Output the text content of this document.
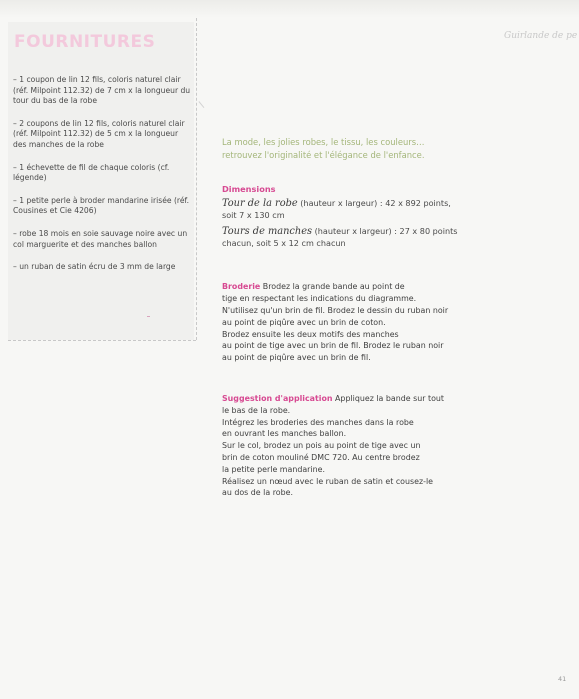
FOURNITURES

– 1 coupon de lin 12 fils, coloris naturel clair (réf. Milpoint 112.32) de 7 cm x la longueur du tour du bas de la robe

– 2 coupons de lin 12 fils, coloris naturel clair (réf. Milpoint 112.32) de 5 cm x la longueur des manches de la robe

– 1 échevette de fil de chaque coloris (cf. légende)

– 1 petite perle à broder mandarine irisée (réf. Cousines et Cie 4206)

– robe 18 mois en soie sauvage noire avec un col marguerite et des manches ballon

– un ruban de satin écru de 3 mm de large

Guirlande de pe

La mode, les jolies robes, le tissu, les couleurs…
retrouvez l'originalité et l'élégance de l'enfance.

Dimensions

Tour de la robe (hauteur x largeur) : 42 x 892 points,
soit 7 x 130 cm

Tours de manches (hauteur x largeur) : 27 x 80 points
chacun, soit 5 x 12 cm chacun

Broderie Brodez la grande bande au point de
tige en respectant les indications du diagramme.
N'utilisez qu'un brin de fil. Brodez le dessin du ruban noir
au point de piqûre avec un brin de coton.
Brodez ensuite les deux motifs des manches
au point de tige avec un brin de fil. Brodez le ruban noir
au point de piqûre avec un brin de fil.

Suggestion d'application Appliquez la bande sur tout
le bas de la robe.
Intégrez les broderies des manches dans la robe
en ouvrant les manches ballon.
Sur le col, brodez un pois au point de tige avec un
brin de coton mouliné DMC 720. Au centre brodez
la petite perle mandarine.
Réalisez un nœud avec le ruban de satin et cousez-le
au dos de la robe.

41
